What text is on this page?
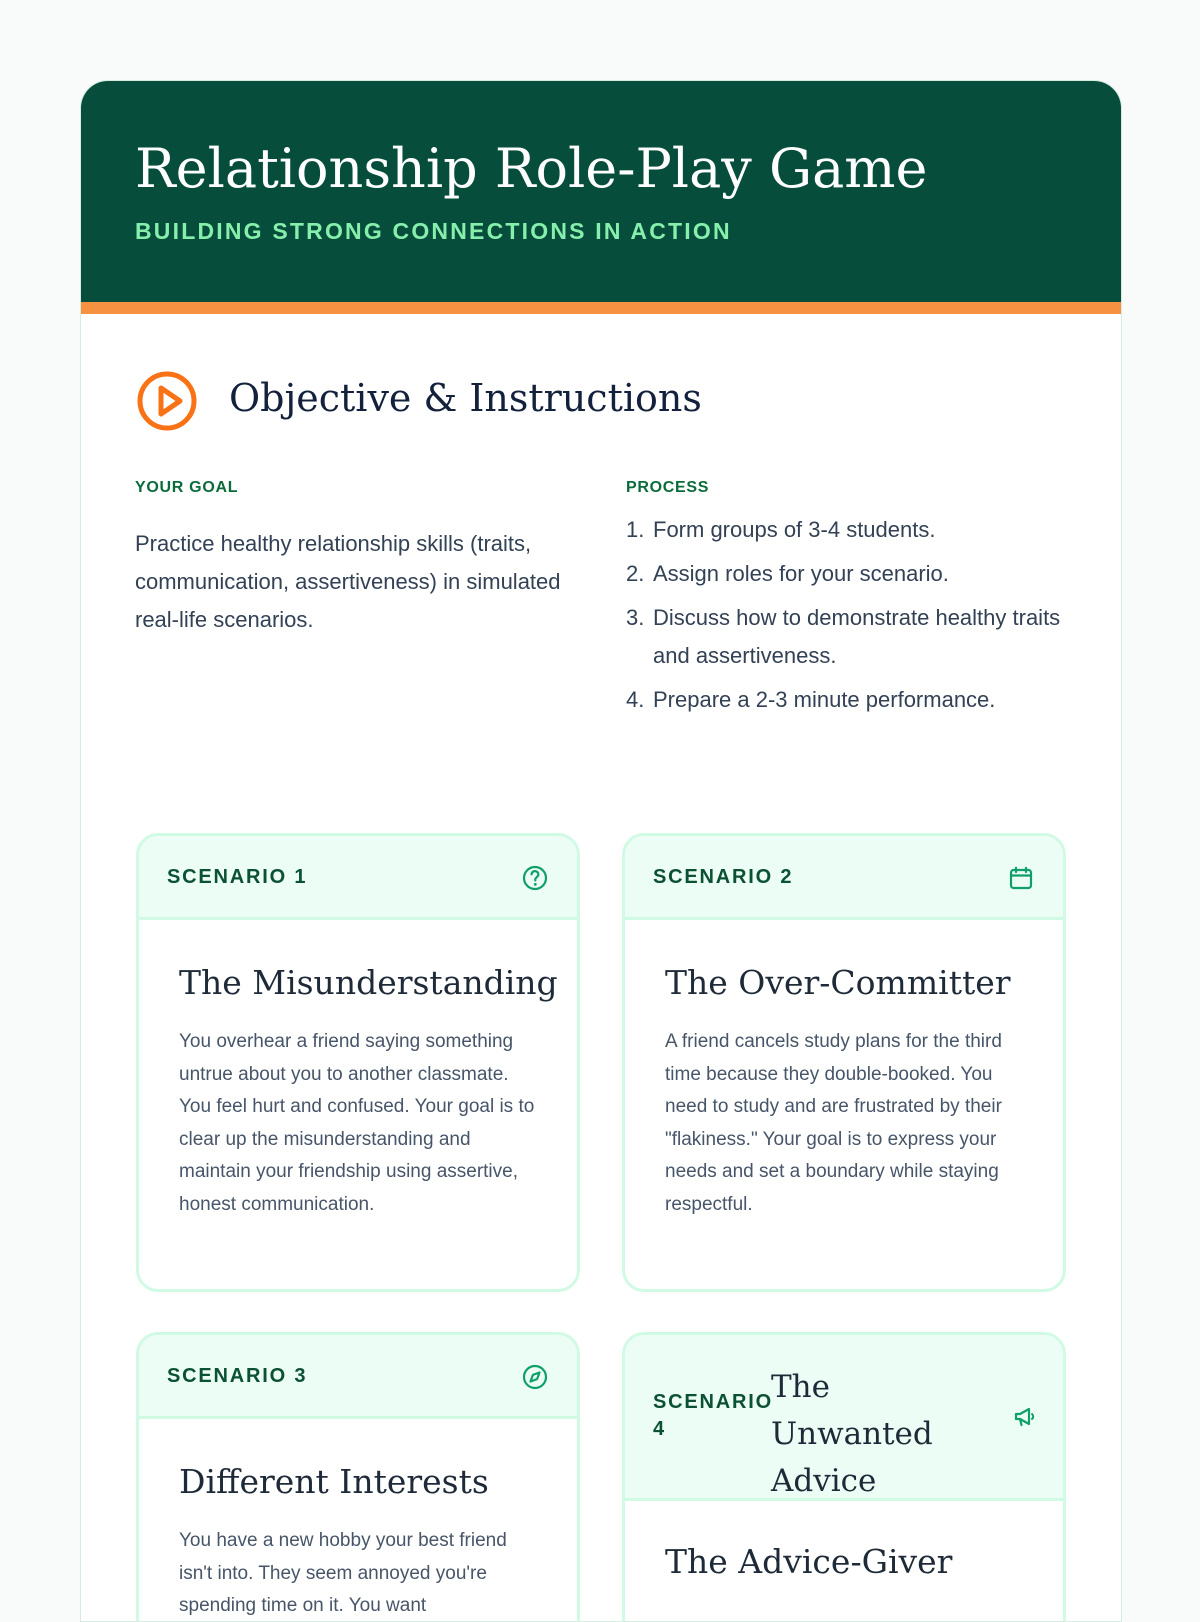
Relationship Role-Play Game

BUILDING STRONG CONNECTIONS IN ACTION

Objective & Instructions

YOUR GOAL

Practice healthy relationship skills (traits, communication, assertiveness) in simulated real-life scenarios.

PROCESS

1. Form groups of 3-4 students.
2. Assign roles for your scenario.
3. Discuss how to demonstrate healthy traits and assertiveness.
4. Prepare a 2-3 minute performance.

SCENARIO 1

The Misunderstanding

You overhear a friend saying something untrue about you to another classmate. You feel hurt and confused. Your goal is to clear up the misunderstanding and maintain your friendship using assertive, honest communication.

SCENARIO 2

The Over-Committer

A friend cancels study plans for the third time because they double-booked. You need to study and are frustrated by their "flakiness." Your goal is to express your needs and set a boundary while staying respectful.

SCENARIO 3

Different Interests

You have a new hobby your best friend isn't into. They seem annoyed you're spending time on it. You want

SCENARIO 4

The Unwanted Advice
The Advice-Giver
